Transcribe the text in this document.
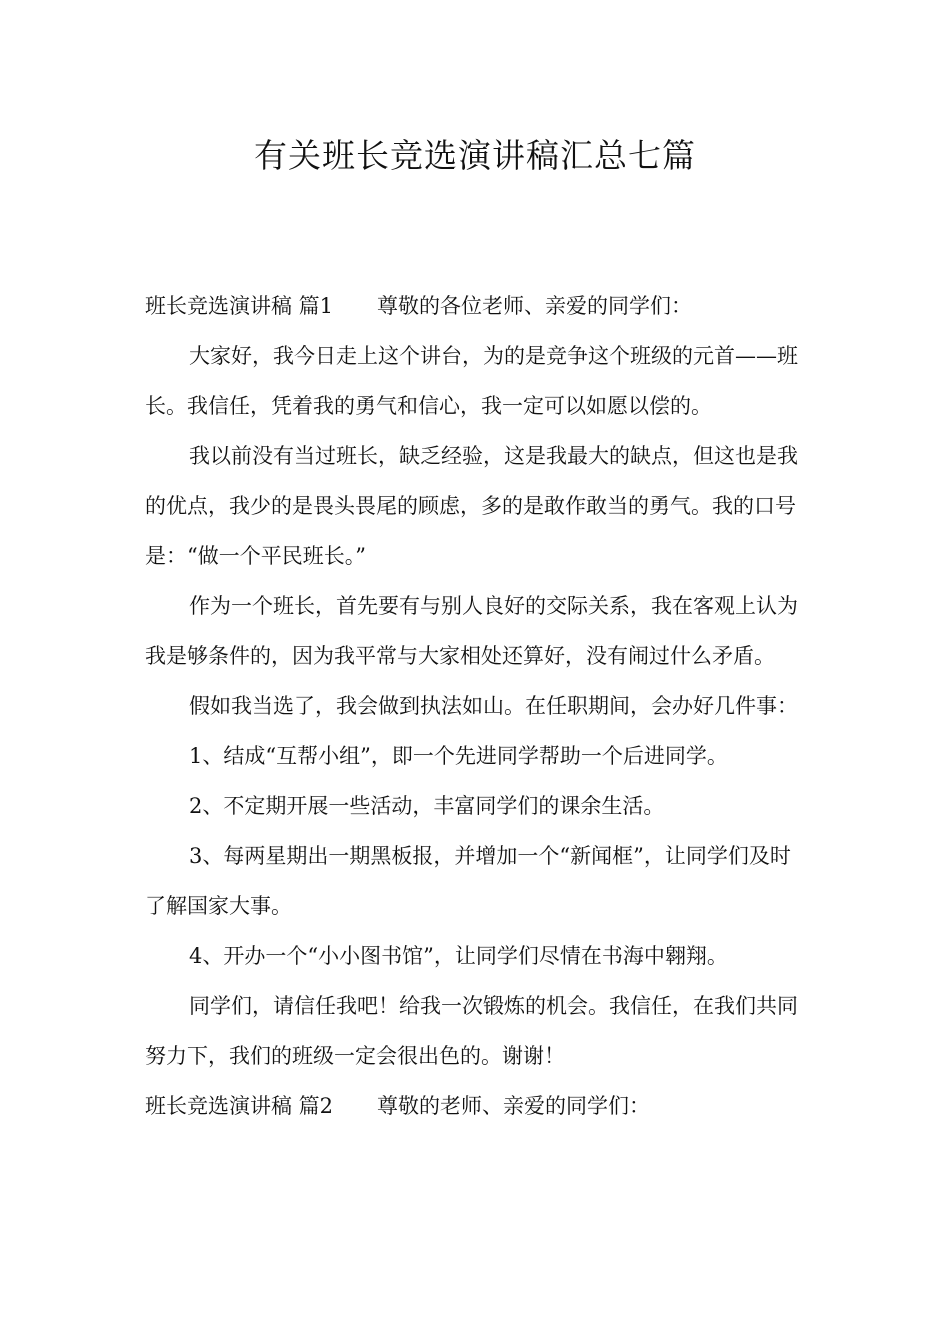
有关班长竞选演讲稿汇总七篇

班长竞选演讲稿 篇1 尊敬的各位老师、亲爱的同学们：

大家好，我今日走上这个讲台，为的是竞争这个班级的元首——班长。我信任，凭着我的勇气和信心，我一定可以如愿以偿的。

我以前没有当过班长，缺乏经验，这是我最大的缺点，但这也是我的优点，我少的是畏头畏尾的顾虑，多的是敢作敢当的勇气。我的口号是：“做一个平民班长。”

作为一个班长，首先要有与别人良好的交际关系，我在客观上认为我是够条件的，因为我平常与大家相处还算好，没有闹过什么矛盾。

假如我当选了，我会做到执法如山。在任职期间，会办好几件事：

1、结成“互帮小组”，即一个先进同学帮助一个后进同学。

2、不定期开展一些活动，丰富同学们的课余生活。

3、每两星期出一期黑板报，并增加一个“新闻框”，让同学们及时了解国家大事。

4、开办一个“小小图书馆”，让同学们尽情在书海中翱翔。

同学们，请信任我吧！给我一次锻炼的机会。我信任，在我们共同努力下，我们的班级一定会很出色的。谢谢！

班长竞选演讲稿 篇2 尊敬的老师、亲爱的同学们：
